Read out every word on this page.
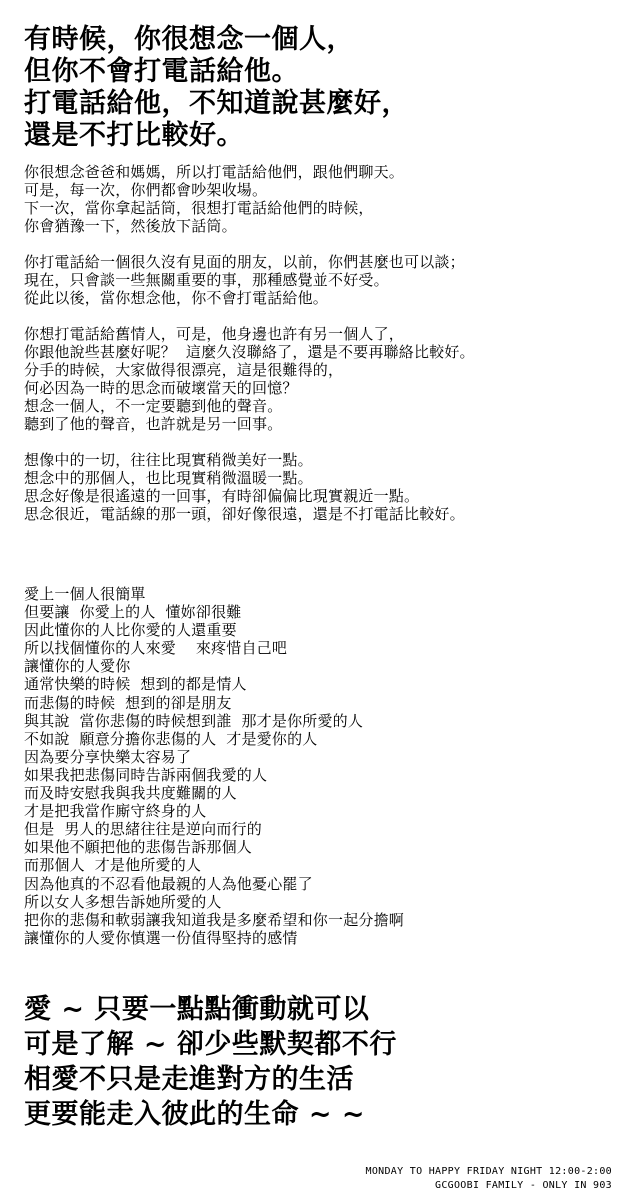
有時候，你很想念一個人，
但你不會打電話給他。
打電話給他，不知道說甚麼好，
還是不打比較好。
你很想念爸爸和媽媽，所以打電話給他們，跟他們聊天。
可是，每一次，你們都會吵架收場。
下一次，當你拿起話筒，很想打電話給他們的時候，
你會猶豫一下，然後放下話筒。
你打電話給一個很久沒有見面的朋友，以前，你們甚麼也可以談；
現在，只會談一些無關重要的事，那種感覺並不好受。
從此以後，當你想念他，你不會打電話給他。
你想打電話給舊情人，可是，他身邊也許有另一個人了，
你跟他說些甚麼好呢？  這麼久沒聯絡了，還是不要再聯絡比較好。
分手的時候，大家做得很漂亮，這是很難得的，
何必因為一時的思念而破壞當天的回憶？
想念一個人，不一定要聽到他的聲音。
聽到了他的聲音，也許就是另一回事。
想像中的一切，往往比現實稍微美好一點。
想念中的那個人，也比現實稍微溫暖一點。
思念好像是很遙遠的一回事，有時卻偏偏比現實親近一點。
思念很近，電話線的那一頭，卻好像很遠，還是不打電話比較好。
愛上一個人很簡單
但要讓  你愛上的人  懂妳卻很難
因此懂你的人比你愛的人還重要
所以找個懂你的人來愛    來疼惜自己吧
讓懂你的人愛你
通常快樂的時候  想到的都是情人
而悲傷的時候  想到的卻是朋友
與其說  當你悲傷的時候想到誰  那才是你所愛的人
不如說  願意分擔你悲傷的人  才是愛你的人
因為要分享快樂太容易了
如果我把悲傷同時告訴兩個我愛的人
而及時安慰我與我共度難關的人
才是把我當作廝守終身的人
但是  男人的思緒往往是逆向而行的
如果他不願把他的悲傷告訴那個人
而那個人  才是他所愛的人
因為他真的不忍看他最親的人為他憂心罷了
所以女人多想告訴她所愛的人
把你的悲傷和軟弱讓我知道我是多麼希望和你一起分擔啊
讓懂你的人愛你慎選一份值得堅持的感情
愛 ~ 只要一點點衝動就可以
可是了解 ~ 卻少些默契都不行
相愛不只是走進對方的生活
更要能走入彼此的生命 ~ ~
MONDAY TO HAPPY FRIDAY NIGHT 12:00-2:00
GCGOOBI FAMILY - ONLY IN 903
